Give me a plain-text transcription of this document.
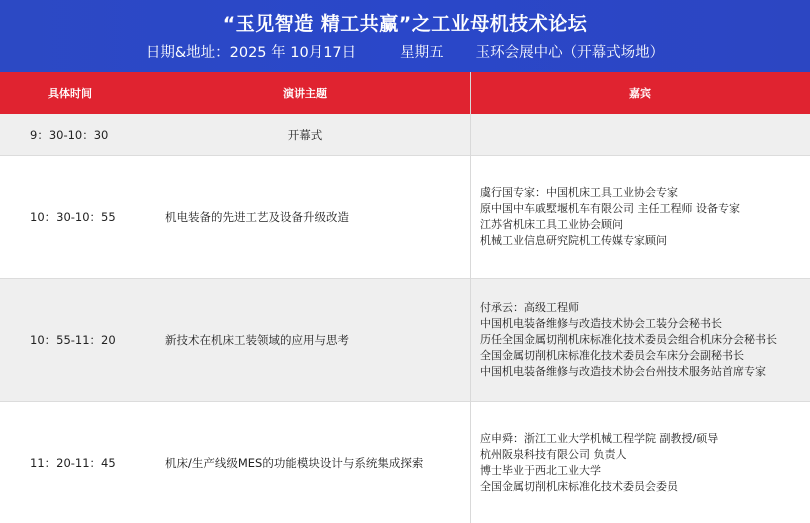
“玉见智造 精工共赢”之工业母机技术论坛
日期&地址：2025 年 10月17日	星期五 玉环会展中心（开幕式场地）
具体时间	演讲主题	嘉宾
9：30-10：30	开幕式
10：30-10：55	机电装备的先进工艺及设备升级改造
虞行国专家：中国机床工具工业协会专家
原中国中车戚墅堰机车有限公司 主任工程师 设备专家
江苏省机床工具工业协会顾问
机械工业信息研究院机工传媒专家顾问
10：55-11：20	新技术在机床工装领域的应用与思考
付承云：高级工程师
中国机电装备维修与改造技术协会工装分会秘书长
历任全国金属切削机床标准化技术委员会组合机床分会秘书长
全国金属切削机床标准化技术委员会车床分会副秘书长
中国机电装备维修与改造技术协会台州技术服务站首席专家
11：20-11：45	机床/生产线级MES的功能模块设计与系统集成探索
应申舜：浙江工业大学机械工程学院 副教授/硕导
杭州阪泉科技有限公司 负责人
博士毕业于西北工业大学
全国金属切削机床标准化技术委员会委员
